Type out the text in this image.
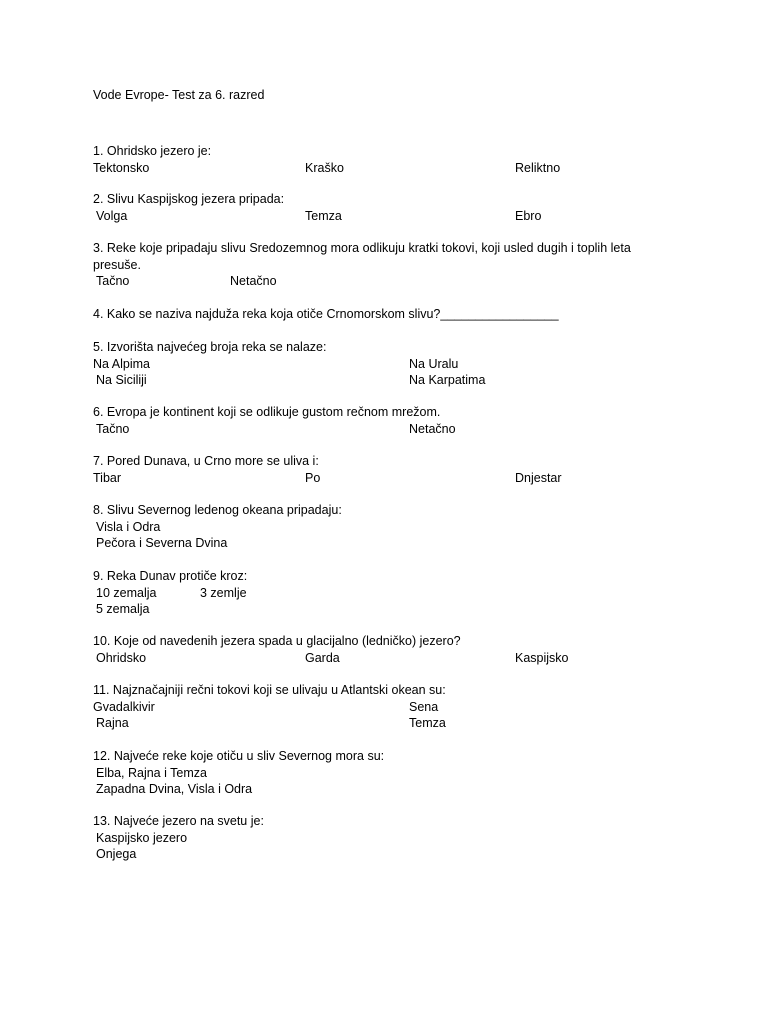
Vode Evrope- Test za 6. razred
1. Ohridsko jezero je:
Tektonsko	Kraško	Reliktno
2. Slivu Kaspijskog jezera pripada:
Volga	Temza	Ebro
3. Reke koje pripadaju slivu Sredozemnog mora odlikuju kratki tokovi, koji usled dugih i toplih leta presuše.
Tačno	Netačno
4. Kako se naziva najduža reka koja otiče Crnomorskom slivu?_________________
5. Izvorišta najvećeg broja reka se nalaze:
Na Alpima	Na Uralu
Na Siciliji	Na Karpatima
6. Evropa je kontinent koji se odlikuje gustom rečnom mrežom.
Tačno	Netačno
7. Pored Dunava, u Crno more se uliva i:
Tibar	Po	Dnjestar
8. Slivu Severnog ledenog okeana pripadaju:
Visla i Odra
Pečora i Severna Dvina
9. Reka Dunav protiče kroz:
10 zemalja	3 zemlje
5 zemalja
10. Koje od navedenih jezera spada u glacijalno (ledničko) jezero?
Ohridsko	Garda	Kaspijsko
11. Najznačajniji rečni tokovi koji se ulivaju u Atlantski okean su:
Gvadalkivir	Sena
Rajna	Temza
12. Najveće reke koje otiču u sliv Severnog mora su:
Elba, Rajna i Temza
Zapadna Dvina, Visla i Odra
13. Najveće jezero na svetu je:
Kaspijsko jezero
Onjega
